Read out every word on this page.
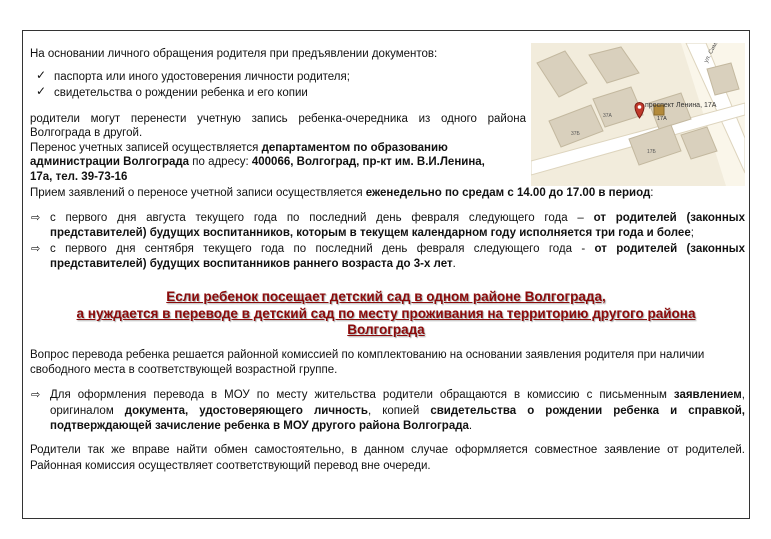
На основании личного обращения родителя при предъявлении документов:
✓ паспорта или иного удостоверения личности родителя;
✓ свидетельства о рождении ребенка и его копии
родители могут перенести учетную запись ребенка-очередника из одного района
Волгограда в другой.
Перенос учетных записей осуществляется департаментом по образованию
администрации Волгограда по адресу: 400066, Волгоград, пр-кт им. В.И.Ленина,
17а, тел. 39-73-16
Прием заявлений о переносе учетной записи осуществляется еженедельно по средам с 14.00 до 17.00 в период:
⇨ с первого дня августа текущего года по последний день февраля следующего года – от родителей (законных
представителей) будущих воспитанников, которым в текущем календарном году исполняется три года и более;
⇨ с первого дня сентября текущего года по последний день февраля следующего года - от родителей (законных
представителей) будущих воспитанников раннего возраста до 3-х лет.
Если ребенок посещает детский сад в одном районе Волгограда,
а нуждается в переводе в детский сад по месту проживания на территорию другого района
Волгограда
Вопрос перевода ребенка решается районной комиссией по комплектованию на основании заявления родителя при наличии
свободного места в соответствующей возрастной группе.
⇨ Для оформления перевода в МОУ по месту жительства родители обращаются в комиссию с письменным заявлением,
оригиналом документа, удостоверяющего личность, копией свидетельства о рождении ребенка и справкой,
подтверждающей зачисление ребенка в МОУ другого района Волгограда.
Родители так же вправе найти обмен самостоятельно, в данном случае оформляется совместное заявление от родителей.
Районная комиссия осуществляет соответствующий перевод вне очереди.
проспект Ленина, 17А
17А
37А
37Б
17Б
